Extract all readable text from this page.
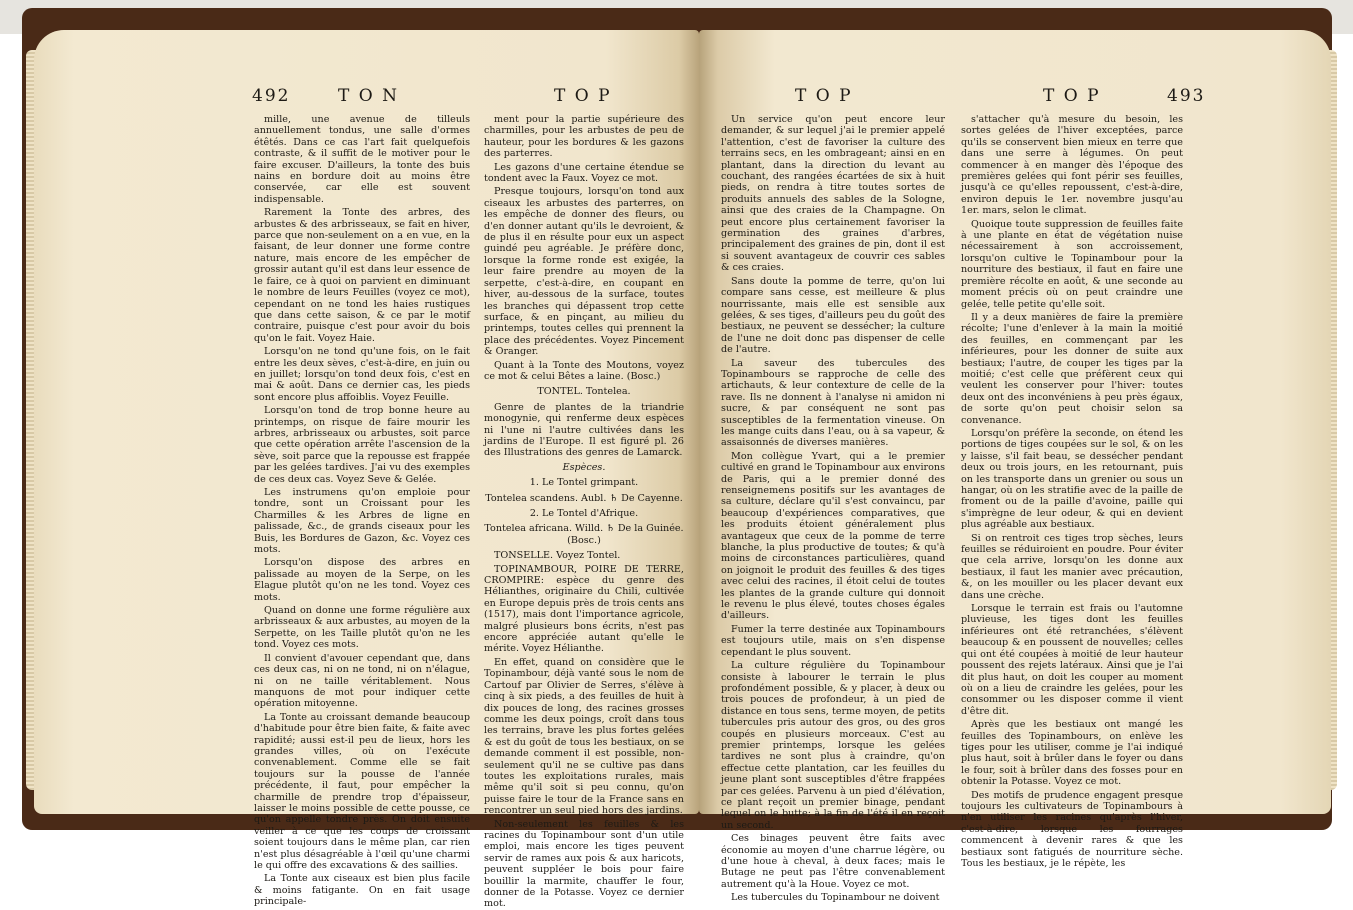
492	T O N	T O P

mille, une avenue de tilleuls annuellement tondus, une salle d'ormes étêtés. Dans ce cas l'art fait quelquefois contraste, & il suffit de le motiver pour le faire excuser. D'ailleurs, la tonte des buis nains en bordure doit au moins être conservée, car elle est souvent indispensable.

Rarement la Tonte des arbres, des arbustes & des arbrisseaux, se fait en hiver, parce que non-seulement on a en vue, en la faisant, de leur donner une forme contre nature, mais encore de les empêcher de grossir autant qu'il est dans leur essence de le faire, ce à quoi on parvient en diminuant le nombre de leurs Feuilles (voyez ce mot), cependant on ne tond les haies rustiques que dans cette saison, & ce par le motif contraire, puisque c'est pour avoir du bois qu'on le fait. Voyez Haie.

Lorsqu'on ne tond qu'une fois, on le fait entre les deux sèves, c'est-à-dire, en juin ou en juillet; lorsqu'on tond deux fois, c'est en mai & août. Dans ce dernier cas, les pieds sont encore plus affoiblis. Voyez Feuille.

Lorsqu'on tond de trop bonne heure au printemps, on risque de faire mourir les arbres, arbrisseaux ou arbustes, soit parce que cette opération arrête l'ascension de la sève, soit parce que la repousse est frappée par les gelées tardives. J'ai vu des exemples de ces deux cas. Voyez Seve & Gelée.

Les instrumens qu'on emploie pour tondre, sont un Croissant pour les Charmilles & les Arbres de ligne en palissade, &c., de grands ciseaux pour les Buis, les Bordures de Gazon, &c. Voyez ces mots.

Lorsqu'on dispose des arbres en palissade au moyen de la Serpe, on les Elague plutôt qu'on ne les tond. Voyez ces mots.

Quand on donne une forme régulière aux arbrisseaux & aux arbustes, au moyen de la Serpette, on les Taille plutôt qu'on ne les tond. Voyez ces mots.

Il convient d'avouer cependant que, dans ces deux cas, ni on ne tond, ni on n'élague, ni on ne taille véritablement. Nous manquons de mot pour indiquer cette opération mitoyenne.

La Tonte au croissant demande beaucoup d'habitude pour être bien faite, & faite avec rapidité; aussi est-il peu de lieux, hors les grandes villes, où on l'exécute convenablement. Comme elle se fait toujours sur la pousse de l'année précédente, il faut, pour empêcher la charmille de prendre trop d'épaisseur, laisser le moins possible de cette pousse, ce qu'on appelle tondre près. On doit ensuite veiller à ce que les coups de croissant soient toujours dans le même plan, car rien n'est plus désagréable à l'œil qu'une charmi le qui offre des excavations & des saillies.

La Tonte aux ciseaux est bien plus facile & moins fatigante. On en fait usage principale-

ment pour la partie supérieure des charmilles, pour les arbustes de peu de hauteur, pour les bordures & les gazons des parterres.

Les gazons d'une certaine étendue se tondent avec la Faux. Voyez ce mot.

Presque toujours, lorsqu'on tond aux ciseaux les arbustes des parterres, on les empêche de donner des fleurs, ou d'en donner autant qu'ils le devroient, & de plus il en résulte pour eux un aspect guindé peu agréable. Je préfère donc, lorsque la forme ronde est exigée, la leur faire prendre au moyen de la serpette, c'est-à-dire, en coupant en hiver, au-dessous de la surface, toutes les branches qui dépassent trop cette surface, & en pinçant, au milieu du printemps, toutes celles qui prennent la place des précédentes. Voyez Pincement & Oranger.

Quant à la Tonte des Moutons, voyez ce mot & celui Bêtes a laine. (Bosc.)

TONTEL. Tontelea.

Genre de plantes de la triandrie monogynie, qui renferme deux espèces ni l'une ni l'autre cultivées dans les jardins de l'Europe. Il est figuré pl. 26 des Illustrations des genres de Lamarck.

Espèces.

1. Le Tontel grimpant.

Tontelea scandens. Aubl. ♄ De Cayenne.

2. Le Tontel d'Afrique.

Tontelea africana. Willd. ♄ De la Guinée. (Bosc.)

TONSELLE. Voyez Tontel.

TOPINAMBOUR, POIRE DE TERRE, CROMPIRE: espèce du genre des Hélianthes, originaire du Chili, cultivée en Europe depuis près de trois cents ans (1517), mais dont l'importance agricole, malgré plusieurs bons écrits, n'est pas encore appréciée autant qu'elle le mérite. Voyez Hélianthe.

En effet, quand on considère que le Topinambour, déjà vanté sous le nom de Cartouf par Olivier de Serres, s'élève à cinq à six pieds, a des feuilles de huit à dix pouces de long, des racines grosses comme les deux poings, croît dans tous les terrains, brave les plus fortes gelées & est du goût de tous les bestiaux, on se demande comment il est possible, non-seulement qu'il ne se cultive pas dans toutes les exploitations rurales, mais même qu'il soit si peu connu, qu'on puisse faire le tour de la France sans en rencontrer un seul pied hors des jardins.

Non-seulement les feuilles & les racines du Topinambour sont d'un utile emploi, mais encore les tiges peuvent servir de rames aux pois & aux haricots, peuvent suppléer le bois pour faire bouillir la marmite, chauffer le four, donner de la Potasse. Voyez ce dernier mot.

T O P	T O P	493

Un service qu'on peut encore leur demander, & sur lequel j'ai le premier appelé l'attention, c'est de favoriser la culture des terrains secs, en les ombrageant; ainsi en en plantant, dans la direction du levant au couchant, des rangées écartées de six à huit pieds, on rendra à titre toutes sortes de produits annuels des sables de la Sologne, ainsi que des craies de la Champagne. On peut encore plus certainement favoriser la germination des graines d'arbres, principalement des graines de pin, dont il est si souvent avantageux de couvrir ces sables & ces craies.

Sans doute la pomme de terre, qu'on lui compare sans cesse, est meilleure & plus nourrissante, mais elle est sensible aux gelées, & ses tiges, d'ailleurs peu du goût des bestiaux, ne peuvent se dessécher; la culture de l'une ne doit donc pas dispenser de celle de l'autre.

La saveur des tubercules des Topinambours se rapproche de celle des artichauts, & leur contexture de celle de la rave. Ils ne donnent à l'analyse ni amidon ni sucre, & par conséquent ne sont pas susceptibles de la fermentation vineuse. On les mange cuits dans l'eau, ou à sa vapeur, & assaisonnés de diverses manières.

Mon collègue Yvart, qui a le premier cultivé en grand le Topinambour aux environs de Paris, qui a le premier donné des renseignemens positifs sur les avantages de sa culture, déclare qu'il s'est convaincu, par beaucoup d'expériences comparatives, que les produits étoient généralement plus avantageux que ceux de la pomme de terre blanche, la plus productive de toutes; & qu'à moins de circonstances particulières, quand on joignoit le produit des feuilles & des tiges avec celui des racines, il étoit celui de toutes les plantes de la grande culture qui donnoit le revenu le plus élevé, toutes choses égales d'ailleurs.

Fumer la terre destinée aux Topinambours est toujours utile, mais on s'en dispense cependant le plus souvent.

La culture régulière du Topinambour consiste à labourer le terrain le plus profondément possible, & y placer, à deux ou trois pouces de profondeur, à un pied de distance en tous sens, terme moyen, de petits tubercules pris autour des gros, ou des gros coupés en plusieurs morceaux. C'est au premier printemps, lorsque les gelées tardives ne sont plus à craindre, qu'on effectue cette plantation, car les feuilles du jeune plant sont susceptibles d'être frappées par ces gelées. Parvenu à un pied d'élévation, ce plant reçoit un premier binage, pendant lequel on le butte; à la fin de l'été il en reçoit un second.

Ces binages peuvent être faits avec économie au moyen d'une charrue légère, ou d'une houe à cheval, à deux faces; mais le Butage ne peut pas l'être convenablement autrement qu'à la Houe. Voyez ce mot.

Les tubercules du Topinambour ne doivent

s'attacher qu'à mesure du besoin, les sortes gelées de l'hiver exceptées, parce qu'ils se conservent bien mieux en terre que dans une serre à légumes. On peut commencer à en manger dès l'époque des premières gelées qui font périr ses feuilles, jusqu'à ce qu'elles repoussent, c'est-à-dire, environ depuis le 1er. novembre jusqu'au 1er. mars, selon le climat.

Quoique toute suppression de feuilles faite à une plante en état de végétation nuise nécessairement à son accroissement, lorsqu'on cultive le Topinambour pour la nourriture des bestiaux, il faut en faire une première récolte en août, & une seconde au moment précis où on peut craindre une gelée, telle petite qu'elle soit.

Il y a deux manières de faire la première récolte; l'une d'enlever à la main la moitié des feuilles, en commençant par les inférieures, pour les donner de suite aux bestiaux; l'autre, de couper les tiges par la moitié; c'est celle que préfèrent ceux qui veulent les conserver pour l'hiver: toutes deux ont des inconvéniens à peu près égaux, de sorte qu'on peut choisir selon sa convenance.

Lorsqu'on préfère la seconde, on étend les portions de tiges coupées sur le sol, & on les y laisse, s'il fait beau, se dessécher pendant deux ou trois jours, en les retournant, puis on les transporte dans un grenier ou sous un hangar, où on les stratifie avec de la paille de froment ou de la paille d'avoine, paille qui s'imprègne de leur odeur, & qui en devient plus agréable aux bestiaux.

Si on rentroit ces tiges trop sèches, leurs feuilles se réduiroient en poudre. Pour éviter que cela arrive, lorsqu'on les donne aux bestiaux, il faut les manier avec précaution, &, on les mouiller ou les placer devant eux dans une crèche.

Lorsque le terrain est frais ou l'automne pluvieuse, les tiges dont les feuilles inférieures ont été retranchées, s'élèvent beaucoup & en poussent de nouvelles; celles qui ont été coupées à moitié de leur hauteur poussent des rejets latéraux. Ainsi que je l'ai dit plus haut, on doit les couper au moment où on a lieu de craindre les gelées, pour les consommer ou les disposer comme il vient d'être dit.

Après que les bestiaux ont mangé les feuilles des Topinambours, on enlève les tiges pour les utiliser, comme je l'ai indiqué plus haut, soit à brûler dans le foyer ou dans le four, soit à brûler dans des fosses pour en obtenir la Potasse. Voyez ce mot.

Des motifs de prudence engagent presque toujours les cultivateurs de Topinambours à n'en utiliser les racines qu'après l'hiver, c'est-à-dire, lorsque les fourrages commencent à devenir rares & que les bestiaux sont fatigués de nourriture sèche. Tous les bestiaux, je le répète, les
